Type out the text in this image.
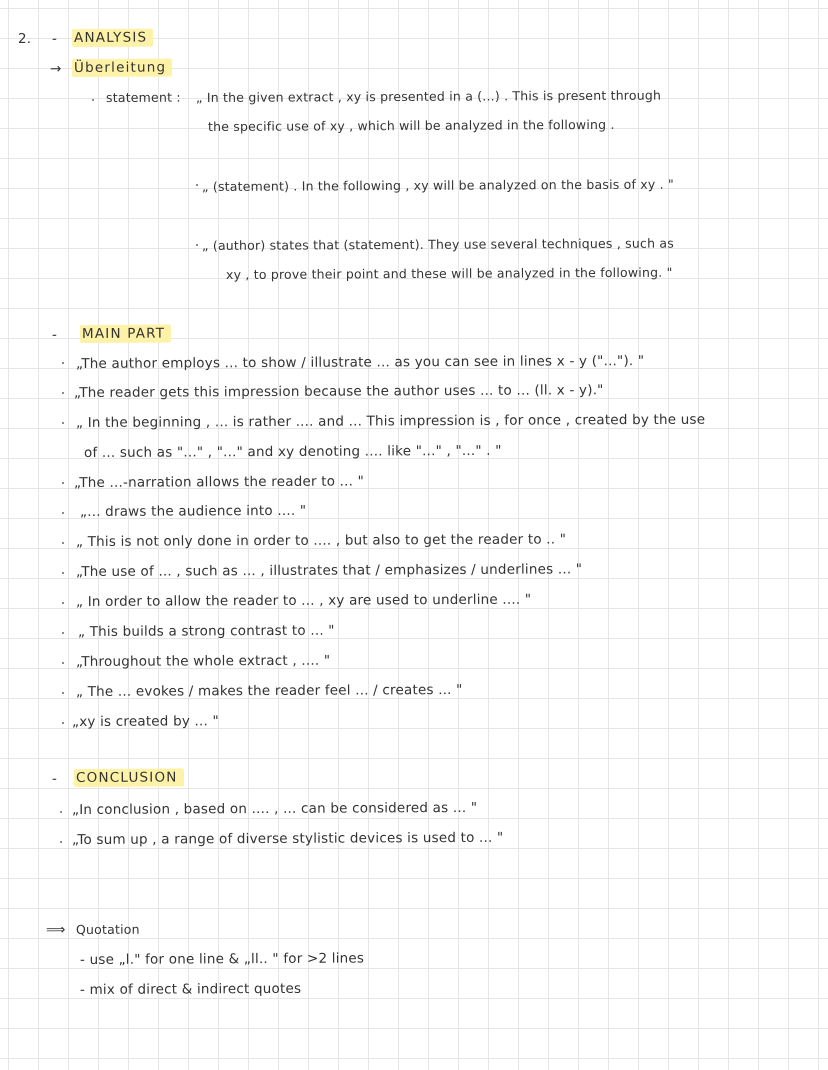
2. - ANALYSIS
→ Überleitung
statement : „ In the given extract , xy is presented in a (...) . This is present through
the specific use of xy , which will be analyzed in the following .
„ (statement) . In the following , xy will be analyzed on the basis of xy . "
„ (author) states that (statement). They use several techniques , such as
xy , to prove their point and these will be analyzed in the following. "
- MAIN PART
„The author employs ... to show / illustrate ... as you can see in lines x - y ("..."). "
„The reader gets this impression because the author uses ... to ... (ll. x - y)."
„ In the beginning , ... is rather .... and ... This impression is , for once , created by the use
of ... such as "..." , "..." and xy denoting .... like "..." , "..." . "
„The ...-narration allows the reader to ... "
„... draws the audience into .... "
„ This is not only done in order to .... , but also to get the reader to .. "
„The use of ... , such as ... , illustrates that / emphasizes / underlines ... "
„ In order to allow the reader to ... , xy are used to underline .... "
„ This builds a strong contrast to ... "
„Throughout the whole extract , .... "
„ The ... evokes / makes the reader feel ... / creates ... "
„xy is created by ... "
- CONCLUSION
„In conclusion , based on .... , ... can be considered as ... "
„To sum up , a range of diverse stylistic devices is used to ... "
⟹ Quotation
- use „l." for one line & „ll.. " for >2 lines
- mix of direct & indirect quotes
